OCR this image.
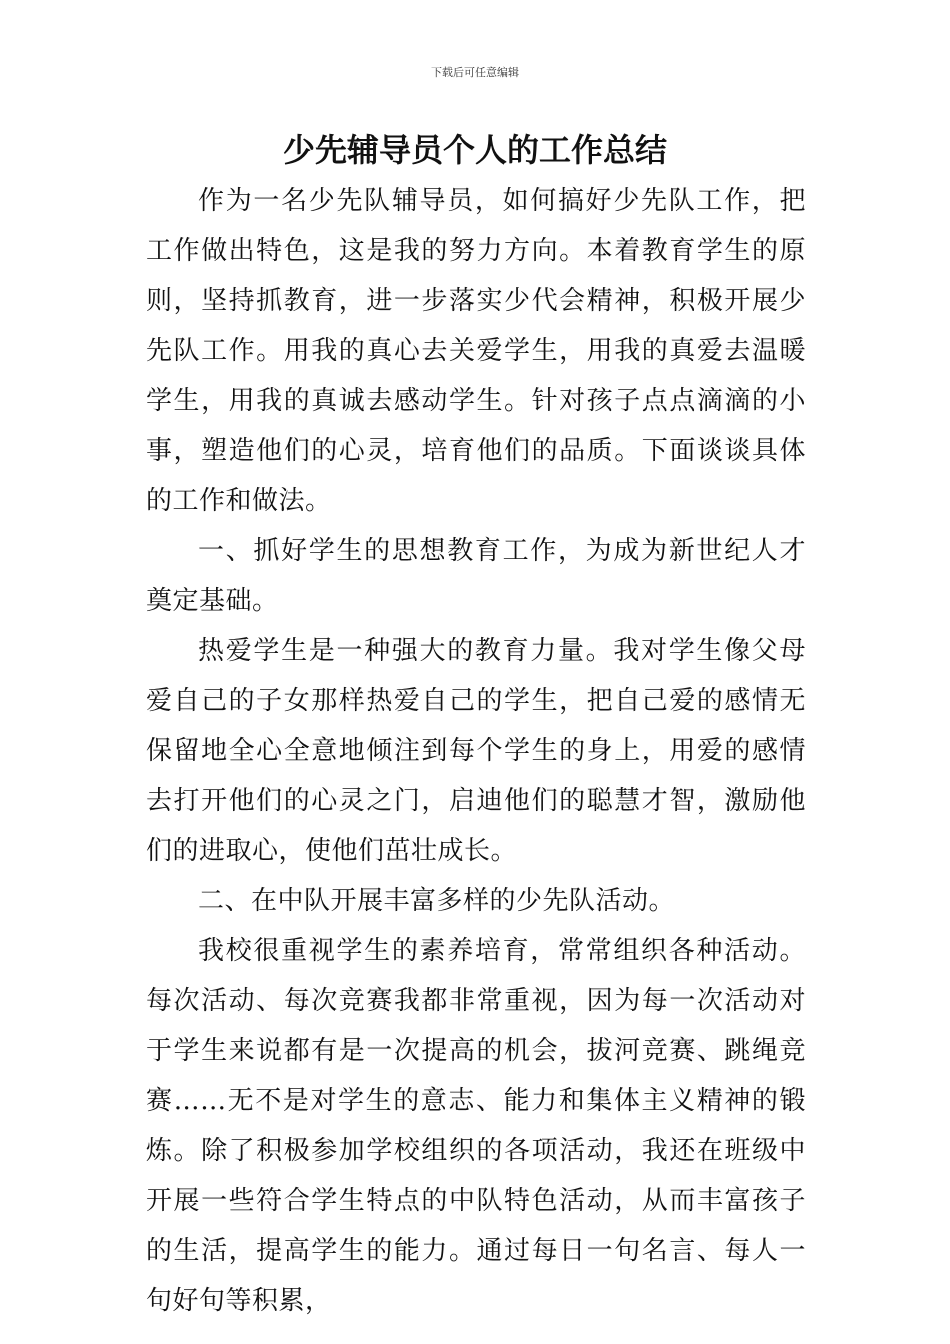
下载后可任意编辑
少先辅导员个人的工作总结

作为一名少先队辅导员，如何搞好少先队工作，把工作做出特色，这是我的努力方向。本着教育学生的原则，坚持抓教育，进一步落实少代会精神，积极开展少先队工作。用我的真心去关爱学生，用我的真爱去温暖学生，用我的真诚去感动学生。针对孩子点点滴滴的小事，塑造他们的心灵，培育他们的品质。下面谈谈具体的工作和做法。

一、抓好学生的思想教育工作，为成为新世纪人才奠定基础。

热爱学生是一种强大的教育力量。我对学生像父母爱自己的子女那样热爱自己的学生，把自己爱的感情无保留地全心全意地倾注到每个学生的身上，用爱的感情去打开他们的心灵之门，启迪他们的聪慧才智，激励他们的进取心，使他们茁壮成长。

二、在中队开展丰富多样的少先队活动。

我校很重视学生的素养培育，常常组织各种活动。每次活动、每次竞赛我都非常重视，因为每一次活动对于学生来说都有是一次提高的机会，拔河竞赛、跳绳竞赛……无不是对学生的意志、能力和集体主义精神的锻炼。除了积极参加学校组织的各项活动，我还在班级中开展一些符合学生特点的中队特色活动，从而丰富孩子的生活，提高学生的能力。通过每日一句名言、每人一句好句等积累，
